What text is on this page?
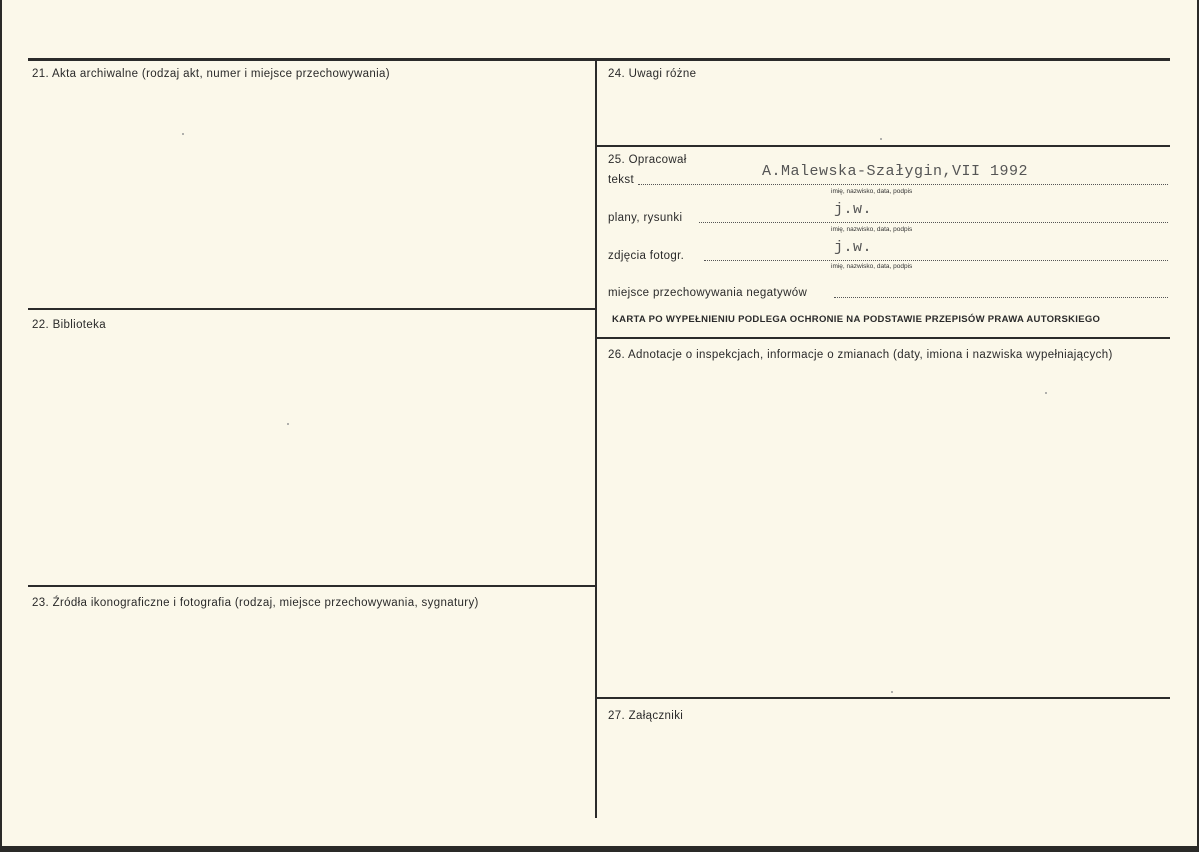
21. Akta archiwalne (rodzaj akt, numer i miejsce przechowywania)
22. Biblioteka
23. Źródła ikonograficzne i fotografia (rodzaj, miejsce przechowywania, sygnatury)
24. Uwagi różne
25. Opracował
tekst	A.Malewska-Szałygin,VII 1992
imię, nazwisko, data, podpis
plany, rysunki	j.w.
imię, nazwisko, data, podpis
zdjęcia fotogr.	j.w.
imię, nazwisko, data, podpis
miejsce przechowywania negatywów
KARTA PO WYPEŁNIENIU PODLEGA OCHRONIE NA PODSTAWIE PRZEPISÓW PRAWA AUTORSKIEGO
26. Adnotacje o inspekcjach, informacje o zmianach (daty, imiona i nazwiska wypełniających)
27. Załączniki
